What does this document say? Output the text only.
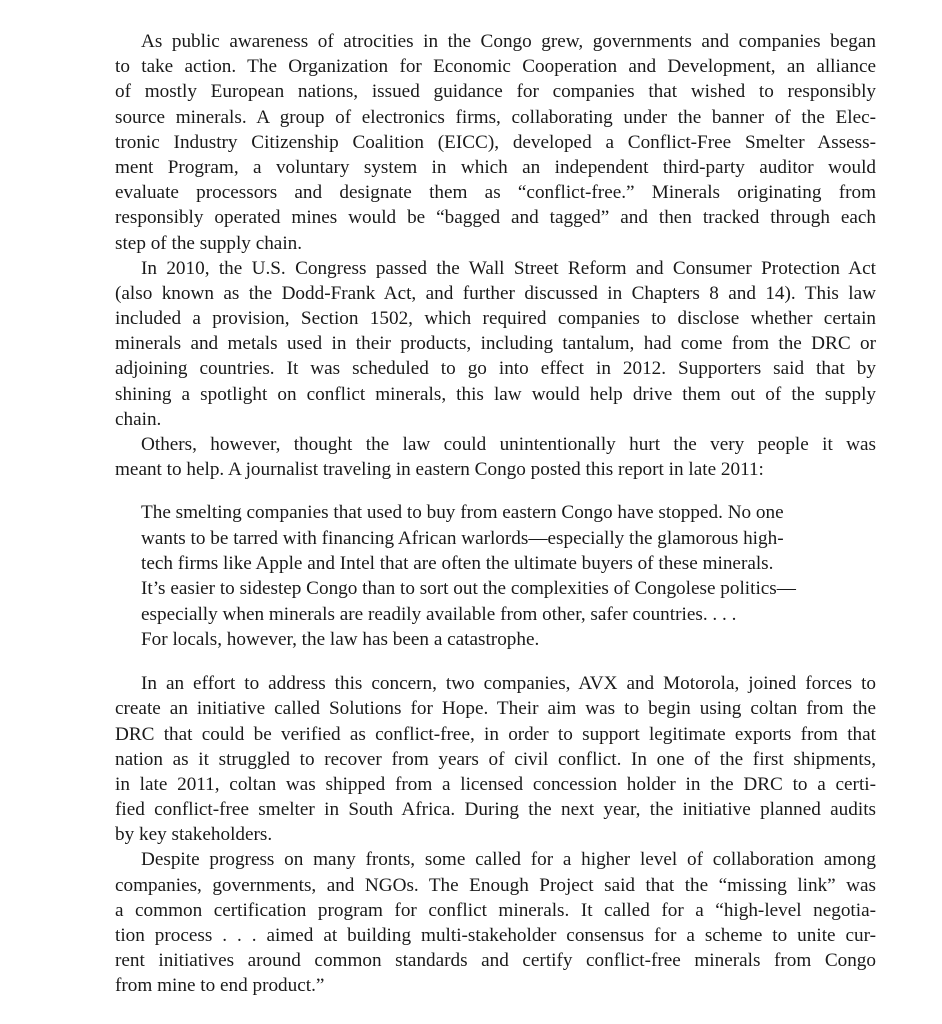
As public awareness of atrocities in the Congo grew, governments and companies began
to take action. The Organization for Economic Cooperation and Development, an alliance
of mostly European nations, issued guidance for companies that wished to responsibly
source minerals. A group of electronics firms, collaborating under the banner of the Elec-
tronic Industry Citizenship Coalition (EICC), developed a Conflict-Free Smelter Assess-
ment Program, a voluntary system in which an independent third-party auditor would
evaluate processors and designate them as “conflict-free.” Minerals originating from
responsibly operated mines would be “bagged and tagged” and then tracked through each
step of the supply chain.
In 2010, the U.S. Congress passed the Wall Street Reform and Consumer Protection Act
(also known as the Dodd-Frank Act, and further discussed in Chapters 8 and 14). This law
included a provision, Section 1502, which required companies to disclose whether certain
minerals and metals used in their products, including tantalum, had come from the DRC or
adjoining countries. It was scheduled to go into effect in 2012. Supporters said that by
shining a spotlight on conflict minerals, this law would help drive them out of the supply
chain.
Others, however, thought the law could unintentionally hurt the very people it was
meant to help. A journalist traveling in eastern Congo posted this report in late 2011:
The smelting companies that used to buy from eastern Congo have stopped. No one
wants to be tarred with financing African warlords—especially the glamorous high-
tech firms like Apple and Intel that are often the ultimate buyers of these minerals.
It’s easier to sidestep Congo than to sort out the complexities of Congolese politics—
especially when minerals are readily available from other, safer countries. . . .
For locals, however, the law has been a catastrophe.
In an effort to address this concern, two companies, AVX and Motorola, joined forces to
create an initiative called Solutions for Hope. Their aim was to begin using coltan from the
DRC that could be verified as conflict-free, in order to support legitimate exports from that
nation as it struggled to recover from years of civil conflict. In one of the first shipments,
in late 2011, coltan was shipped from a licensed concession holder in the DRC to a certi-
fied conflict-free smelter in South Africa. During the next year, the initiative planned audits
by key stakeholders.
Despite progress on many fronts, some called for a higher level of collaboration among
companies, governments, and NGOs. The Enough Project said that the “missing link” was
a common certification program for conflict minerals. It called for a “high-level negotia-
tion process . . . aimed at building multi-stakeholder consensus for a scheme to unite cur-
rent initiatives around common standards and certify conflict-free minerals from Congo
from mine to end product.”
